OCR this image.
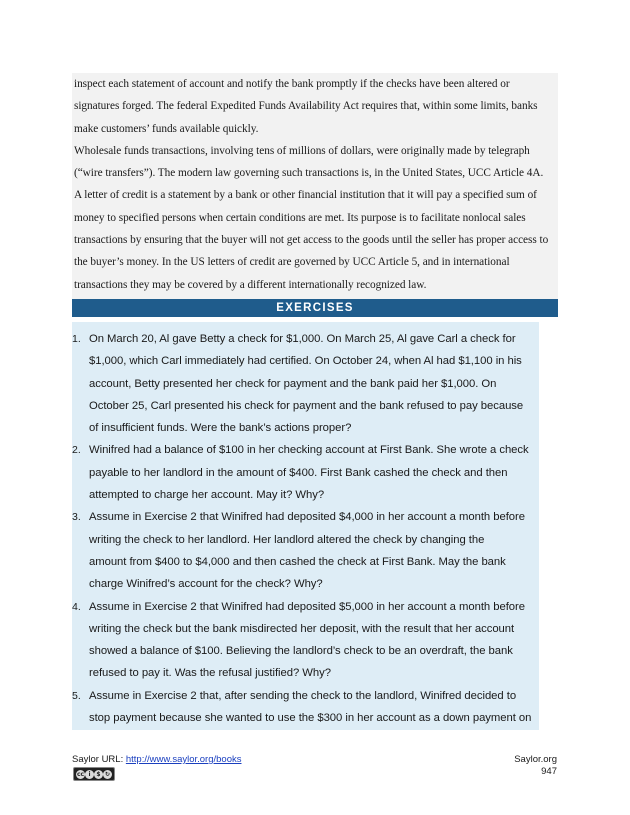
inspect each statement of account and notify the bank promptly if the checks have been altered or

signatures forged. The federal Expedited Funds Availability Act requires that, within some limits, banks

make customers’ funds available quickly.

Wholesale funds transactions, involving tens of millions of dollars, were originally made by telegraph

(“wire transfers”). The modern law governing such transactions is, in the United States, UCC Article 4A.

A letter of credit is a statement by a bank or other financial institution that it will pay a specified sum of

money to specified persons when certain conditions are met. Its purpose is to facilitate nonlocal sales

transactions by ensuring that the buyer will not get access to the goods until the seller has proper access to

the buyer’s money. In the US letters of credit are governed by UCC Article 5, and in international

transactions they may be covered by a different internationally recognized law.

EXERCISES
1. On March 20, Al gave Betty a check for $1,000. On March 25, Al gave Carl a check for
$1,000, which Carl immediately had certified. On October 24, when Al had $1,100 in his
account, Betty presented her check for payment and the bank paid her $1,000. On
October 25, Carl presented his check for payment and the bank refused to pay because
of insufficient funds. Were the bank’s actions proper?
2. Winifred had a balance of $100 in her checking account at First Bank. She wrote a check
payable to her landlord in the amount of $400. First Bank cashed the check and then
attempted to charge her account. May it? Why?
3. Assume in Exercise 2 that Winifred had deposited $4,000 in her account a month before
writing the check to her landlord. Her landlord altered the check by changing the
amount from $400 to $4,000 and then cashed the check at First Bank. May the bank
charge Winifred’s account for the check? Why?
4. Assume in Exercise 2 that Winifred had deposited $5,000 in her account a month before
writing the check but the bank misdirected her deposit, with the result that her account
showed a balance of $100. Believing the landlord’s check to be an overdraft, the bank
refused to pay it. Was the refusal justified? Why?
5. Assume in Exercise 2 that, after sending the check to the landlord, Winifred decided to
stop payment because she wanted to use the $300 in her account as a down payment on
Saylor URL: http://www.saylor.org/books
cc i $ ↻
Saylor.org
947
